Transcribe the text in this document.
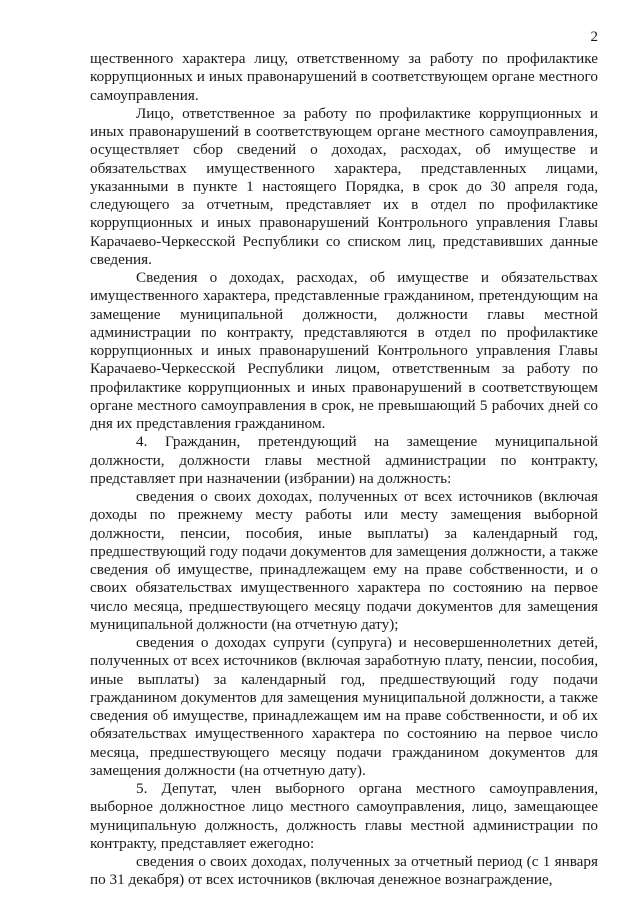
2

щественного характера лицу, ответственному за работу по профилактике коррупционных и иных правонарушений в соответствующем органе местного самоуправления.

Лицо, ответственное за работу по профилактике коррупционных и иных правонарушений в соответствующем органе местного самоуправления, осуществляет сбор сведений о доходах, расходах, об имуществе и обязательствах имущественного характера, представленных лицами, указанными в пункте 1 настоящего Порядка, в срок до 30 апреля года, следующего за отчетным, представляет их в отдел по профилактике коррупционных и иных правонарушений Контрольного управления Главы Карачаево-Черкесской Республики со списком лиц, представивших данные сведения.

Сведения о доходах, расходах, об имуществе и обязательствах имущественного характера, представленные гражданином, претендующим на замещение муниципальной должности, должности главы местной администрации по контракту, представляются в отдел по профилактике коррупционных и иных правонарушений Контрольного управления Главы Карачаево-Черкесской Республики лицом, ответственным за работу по профилактике коррупционных и иных правонарушений в соответствующем органе местного самоуправления в срок, не превышающий 5 рабочих дней со дня их представления гражданином.

4. Гражданин, претендующий на замещение муниципальной должности, должности главы местной администрации по контракту, представляет при назначении (избрании) на должность:

сведения о своих доходах, полученных от всех источников (включая доходы по прежнему месту работы или месту замещения выборной должности, пенсии, пособия, иные выплаты) за календарный год, предшествующий году подачи документов для замещения должности, а также сведения об имуществе, принадлежащем ему на праве собственности, и о своих обязательствах имущественного характера по состоянию на первое число месяца, предшествующего месяцу подачи документов для замещения муниципальной должности (на отчетную дату);

сведения о доходах супруги (супруга) и несовершеннолетних детей, полученных от всех источников (включая заработную плату, пенсии, пособия, иные выплаты) за календарный год, предшествующий году подачи гражданином документов для замещения муниципальной должности, а также сведения об имуществе, принадлежащем им на праве собственности, и об их обязательствах имущественного характера по состоянию на первое число месяца, предшествующего месяцу подачи гражданином документов для замещения должности (на отчетную дату).

5. Депутат, член выборного органа местного самоуправления, выборное должностное лицо местного самоуправления, лицо, замещающее муниципальную должность, должность главы местной администрации по контракту, представляет ежегодно:

сведения о своих доходах, полученных за отчетный период (с 1 января по 31 декабря) от всех источников (включая денежное вознаграждение,
